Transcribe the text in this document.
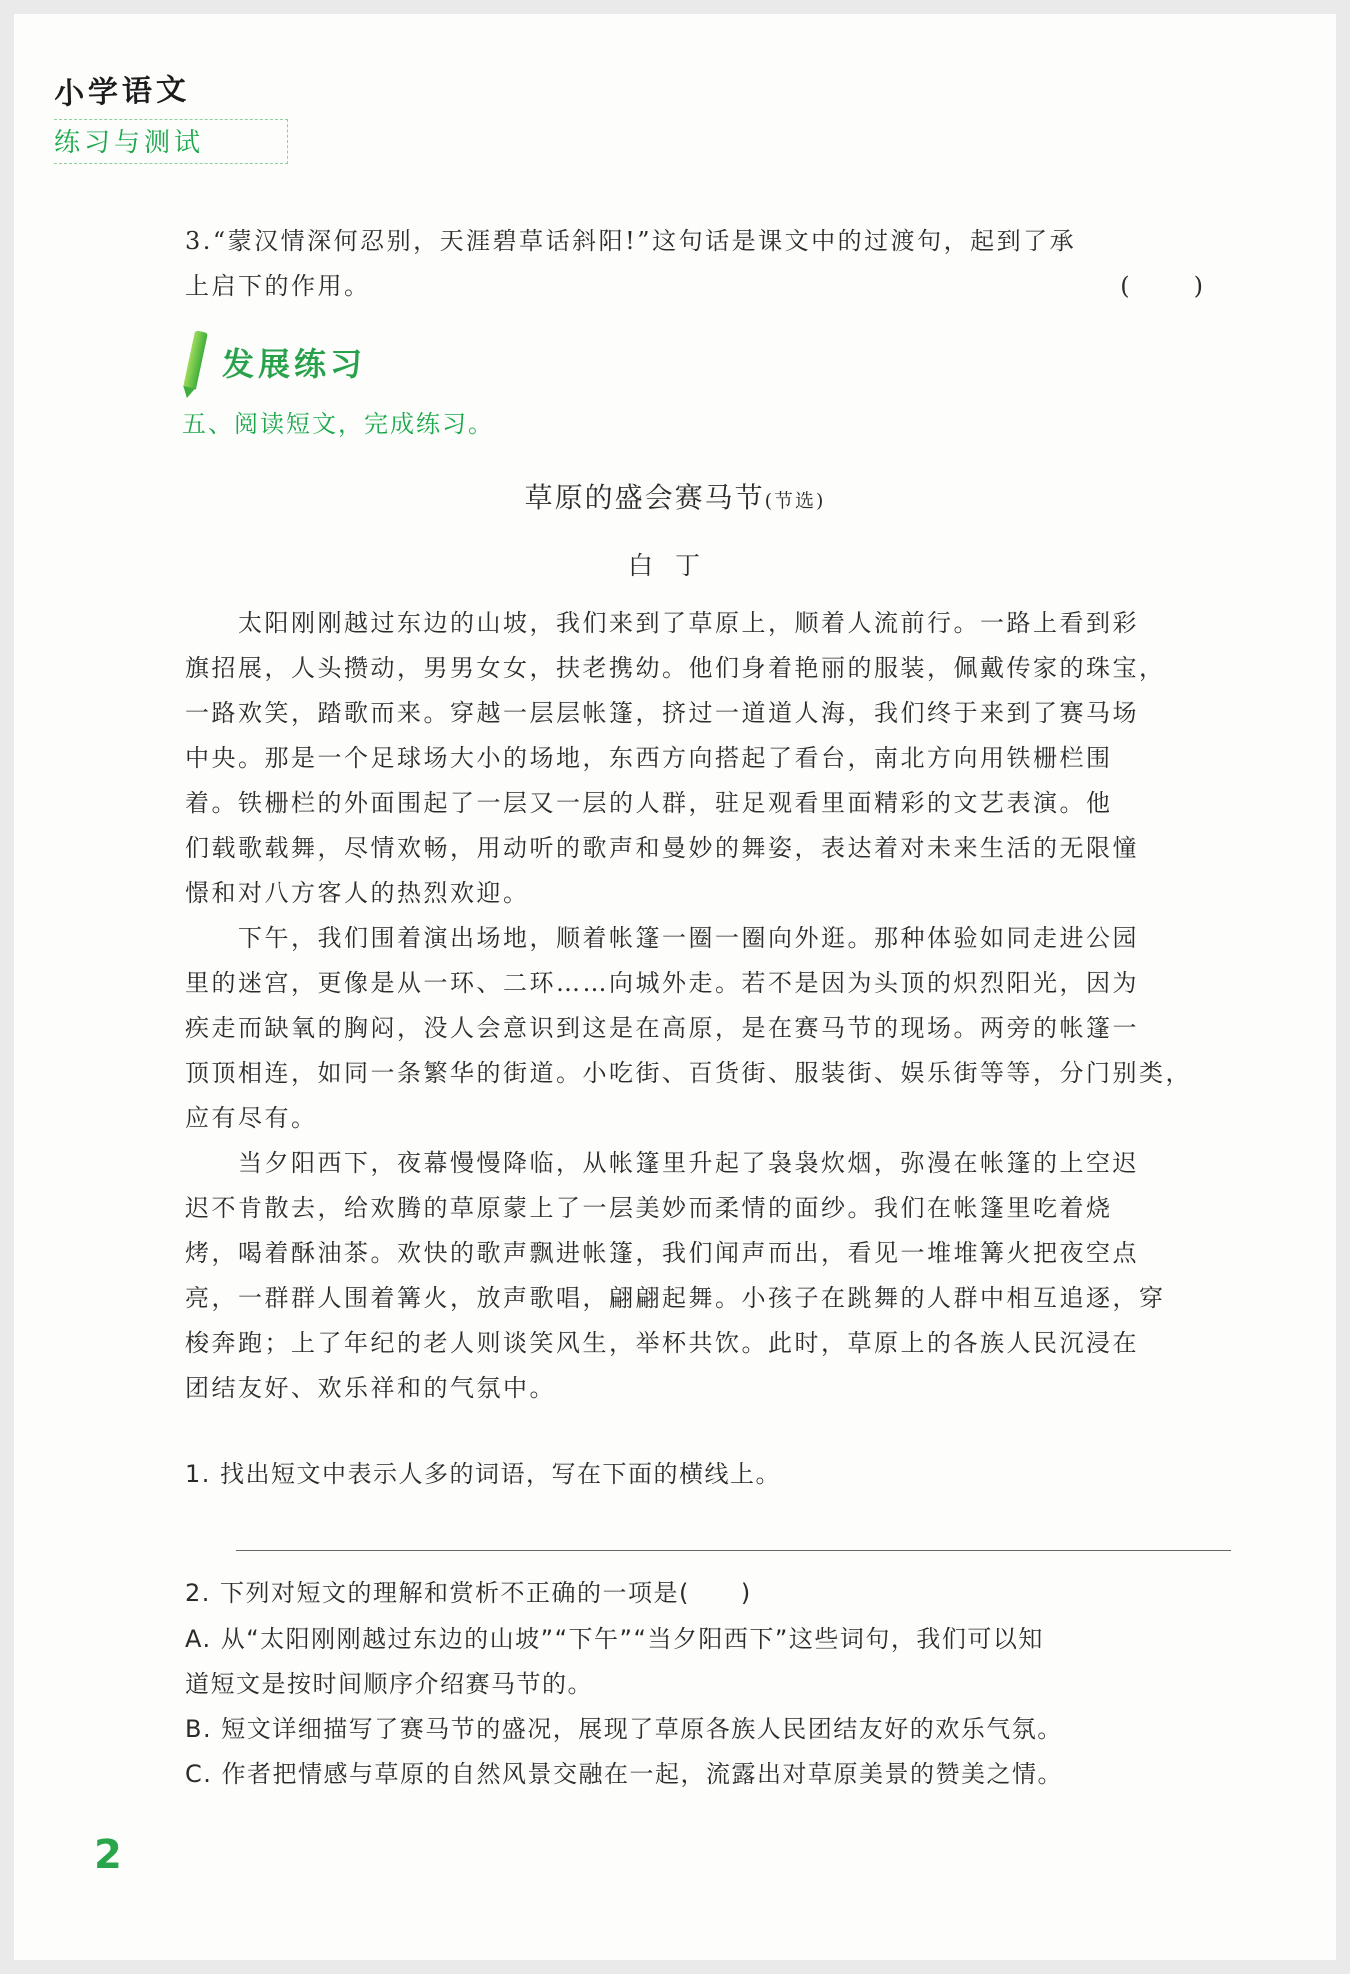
小学语文
练习与测试
3.“蒙汉情深何忍别，天涯碧草话斜阳!”这句话是课文中的过渡句，起到了承
上启下的作用。	(　)
发展练习
五、阅读短文，完成练习。
草原的盛会赛马节(节选)
白丁
　　太阳刚刚越过东边的山坡，我们来到了草原上，顺着人流前行。一路上看到彩
旗招展，人头攒动，男男女女，扶老携幼。他们身着艳丽的服装，佩戴传家的珠宝，
一路欢笑，踏歌而来。穿越一层层帐篷，挤过一道道人海，我们终于来到了赛马场
中央。那是一个足球场大小的场地，东西方向搭起了看台，南北方向用铁栅栏围
着。铁栅栏的外面围起了一层又一层的人群，驻足观看里面精彩的文艺表演。他
们载歌载舞，尽情欢畅，用动听的歌声和曼妙的舞姿，表达着对未来生活的无限憧
憬和对八方客人的热烈欢迎。
　　下午，我们围着演出场地，顺着帐篷一圈一圈向外逛。那种体验如同走进公园
里的迷宫，更像是从一环、二环……向城外走。若不是因为头顶的炽烈阳光，因为
疾走而缺氧的胸闷，没人会意识到这是在高原，是在赛马节的现场。两旁的帐篷一
顶顶相连，如同一条繁华的街道。小吃街、百货街、服装街、娱乐街等等，分门别类，
应有尽有。
　　当夕阳西下，夜幕慢慢降临，从帐篷里升起了袅袅炊烟，弥漫在帐篷的上空迟
迟不肯散去，给欢腾的草原蒙上了一层美妙而柔情的面纱。我们在帐篷里吃着烧
烤，喝着酥油茶。欢快的歌声飘进帐篷，我们闻声而出，看见一堆堆篝火把夜空点
亮，一群群人围着篝火，放声歌唱，翩翩起舞。小孩子在跳舞的人群中相互追逐，穿
梭奔跑；上了年纪的老人则谈笑风生，举杯共饮。此时，草原上的各族人民沉浸在
团结友好、欢乐祥和的气氛中。
1. 找出短文中表示人多的词语，写在下面的横线上。
2. 下列对短文的理解和赏析不正确的一项是(　　)
A. 从“太阳刚刚越过东边的山坡”“下午”“当夕阳西下”这些词句，我们可以知
道短文是按时间顺序介绍赛马节的。
B. 短文详细描写了赛马节的盛况，展现了草原各族人民团结友好的欢乐气氛。
C. 作者把情感与草原的自然风景交融在一起，流露出对草原美景的赞美之情。
2
